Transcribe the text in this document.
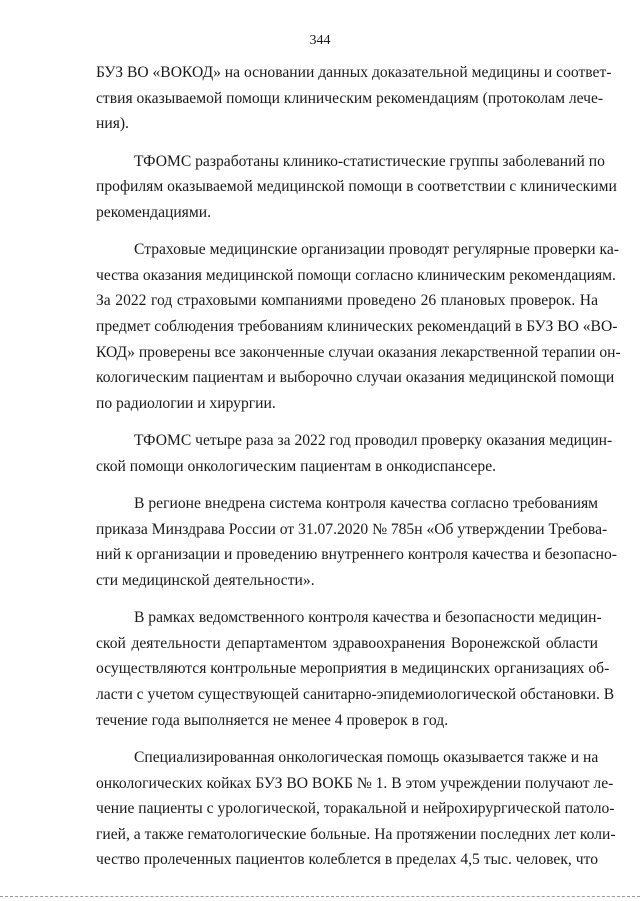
344

БУЗ ВО «ВОКОД» на основании данных доказательной медицины и соответ-
ствия оказываемой помощи клиническим рекомендациям (протоколам лече-
ния).

ТФОМС разработаны клинико-статистические группы заболеваний по
профилям оказываемой медицинской помощи в соответствии с клиническими
рекомендациями.

Страховые медицинские организации проводят регулярные проверки ка-
чества оказания медицинской помощи согласно клиническим рекомендациям.
За 2022 год страховыми компаниями проведено 26 плановых проверок. На
предмет соблюдения требованиям клинических рекомендаций в БУЗ ВО «ВО-
КОД» проверены все законченные случаи оказания лекарственной терапии он-
кологическим пациентам и выборочно случаи оказания медицинской помощи
по радиологии и хирургии.

ТФОМС четыре раза за 2022 год проводил проверку оказания медицин-
ской помощи онкологическим пациентам в онкодиспансере.

В регионе внедрена система контроля качества согласно требованиям
приказа Минздрава России от 31.07.2020 № 785н «Об утверждении Требова-
ний к организации и проведению внутреннего контроля качества и безопасно-
сти медицинской деятельности».

В рамках ведомственного контроля качества и безопасности медицин-
ской деятельности департаментом здравоохранения Воронежской области
осуществляются контрольные мероприятия в медицинских организациях об-
ласти с учетом существующей санитарно-эпидемиологической обстановки. В
течение года выполняется не менее 4 проверок в год.

Специализированная онкологическая помощь оказывается также и на
онкологических койках БУЗ ВО ВОКБ № 1. В этом учреждении получают ле-
чение пациенты с урологической, торакальной и нейрохирургической патоло-
гией, а также гематологические больные. На протяжении последних лет коли-
чество пролеченных пациентов колеблется в пределах 4,5 тыс. человек, что
